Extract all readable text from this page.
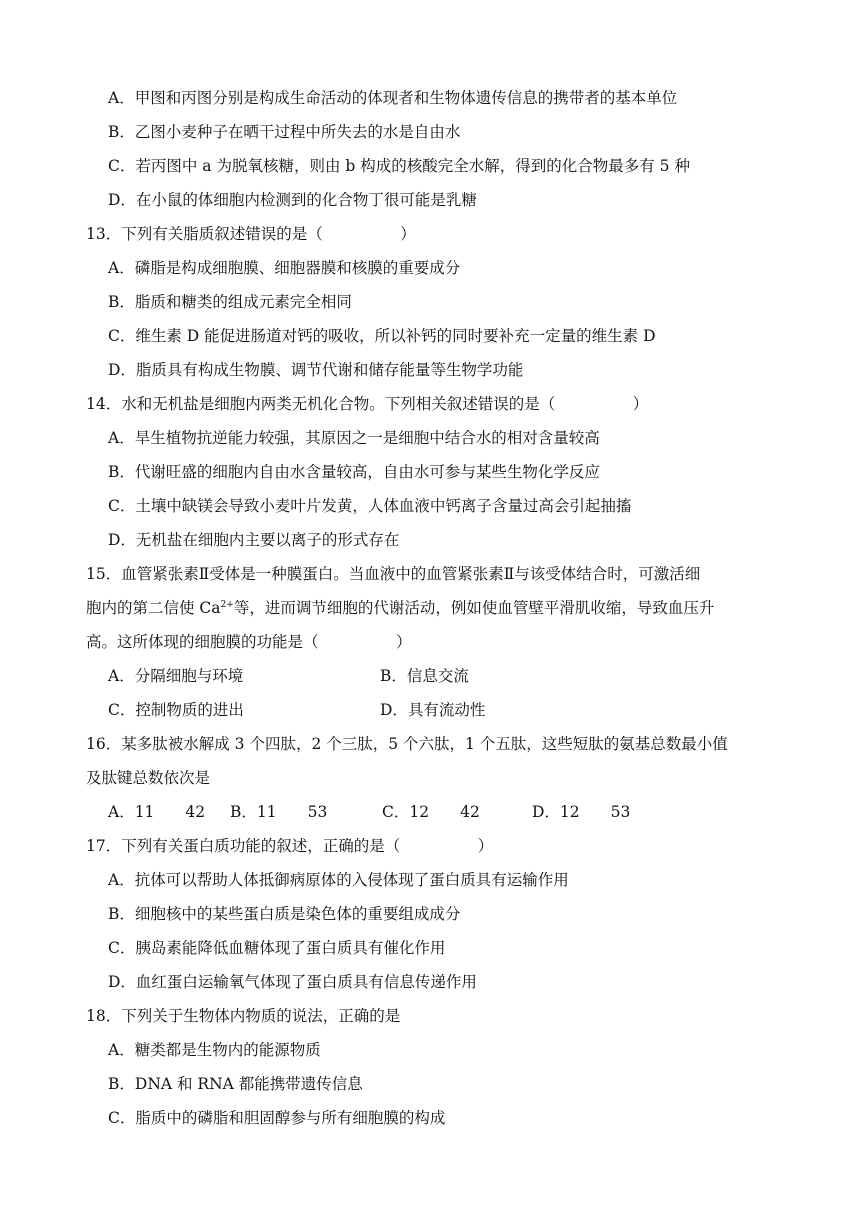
A．甲图和丙图分别是构成生命活动的体现者和生物体遗传信息的携带者的基本单位
B．乙图小麦种子在晒干过程中所失去的水是自由水
C．若丙图中 a 为脱氧核糖，则由 b 构成的核酸完全水解，得到的化合物最多有 5 种
D．在小鼠的体细胞内检测到的化合物丁很可能是乳糖
13．下列有关脂质叙述错误的是（　　　　　）
A．磷脂是构成细胞膜、细胞器膜和核膜的重要成分
B．脂质和糖类的组成元素完全相同
C．维生素 D 能促进肠道对钙的吸收，所以补钙的同时要补充一定量的维生素 D
D．脂质具有构成生物膜、调节代谢和储存能量等生物学功能
14．水和无机盐是细胞内两类无机化合物。下列相关叙述错误的是（　　　　　）
A．旱生植物抗逆能力较强，其原因之一是细胞中结合水的相对含量较高
B．代谢旺盛的细胞内自由水含量较高，自由水可参与某些生物化学反应
C．土壤中缺镁会导致小麦叶片发黄，人体血液中钙离子含量过高会引起抽搐
D．无机盐在细胞内主要以离子的形式存在
15．血管紧张素Ⅱ受体是一种膜蛋白。当血液中的血管紧张素Ⅱ与该受体结合时，可激活细
胞内的第二信使 $Ca^{2+}$等，进而调节细胞的代谢活动，例如使血管壁平滑肌收缩，导致血压升
高。这所体现的细胞膜的功能是（　　　　　）
A．分隔细胞与环境	B．信息交流
C．控制物质的进出	D．具有流动性
16．某多肽被水解成 3 个四肽，2 个三肽，5 个六肽，1 个五肽，这些短肽的氨基总数最小值
及肽键总数依次是
A．11　　42 B．11　　53	C．12　　42	D．12　　53
17．下列有关蛋白质功能的叙述，正确的是（　　　　　）
A．抗体可以帮助人体抵御病原体的入侵体现了蛋白质具有运输作用
B．细胞核中的某些蛋白质是染色体的重要组成成分
C．胰岛素能降低血糖体现了蛋白质具有催化作用
D．血红蛋白运输氧气体现了蛋白质具有信息传递作用
18．下列关于生物体内物质的说法，正确的是
A．糖类都是生物内的能源物质
B．DNA 和 RNA 都能携带遗传信息
C．脂质中的磷脂和胆固醇参与所有细胞膜的构成
